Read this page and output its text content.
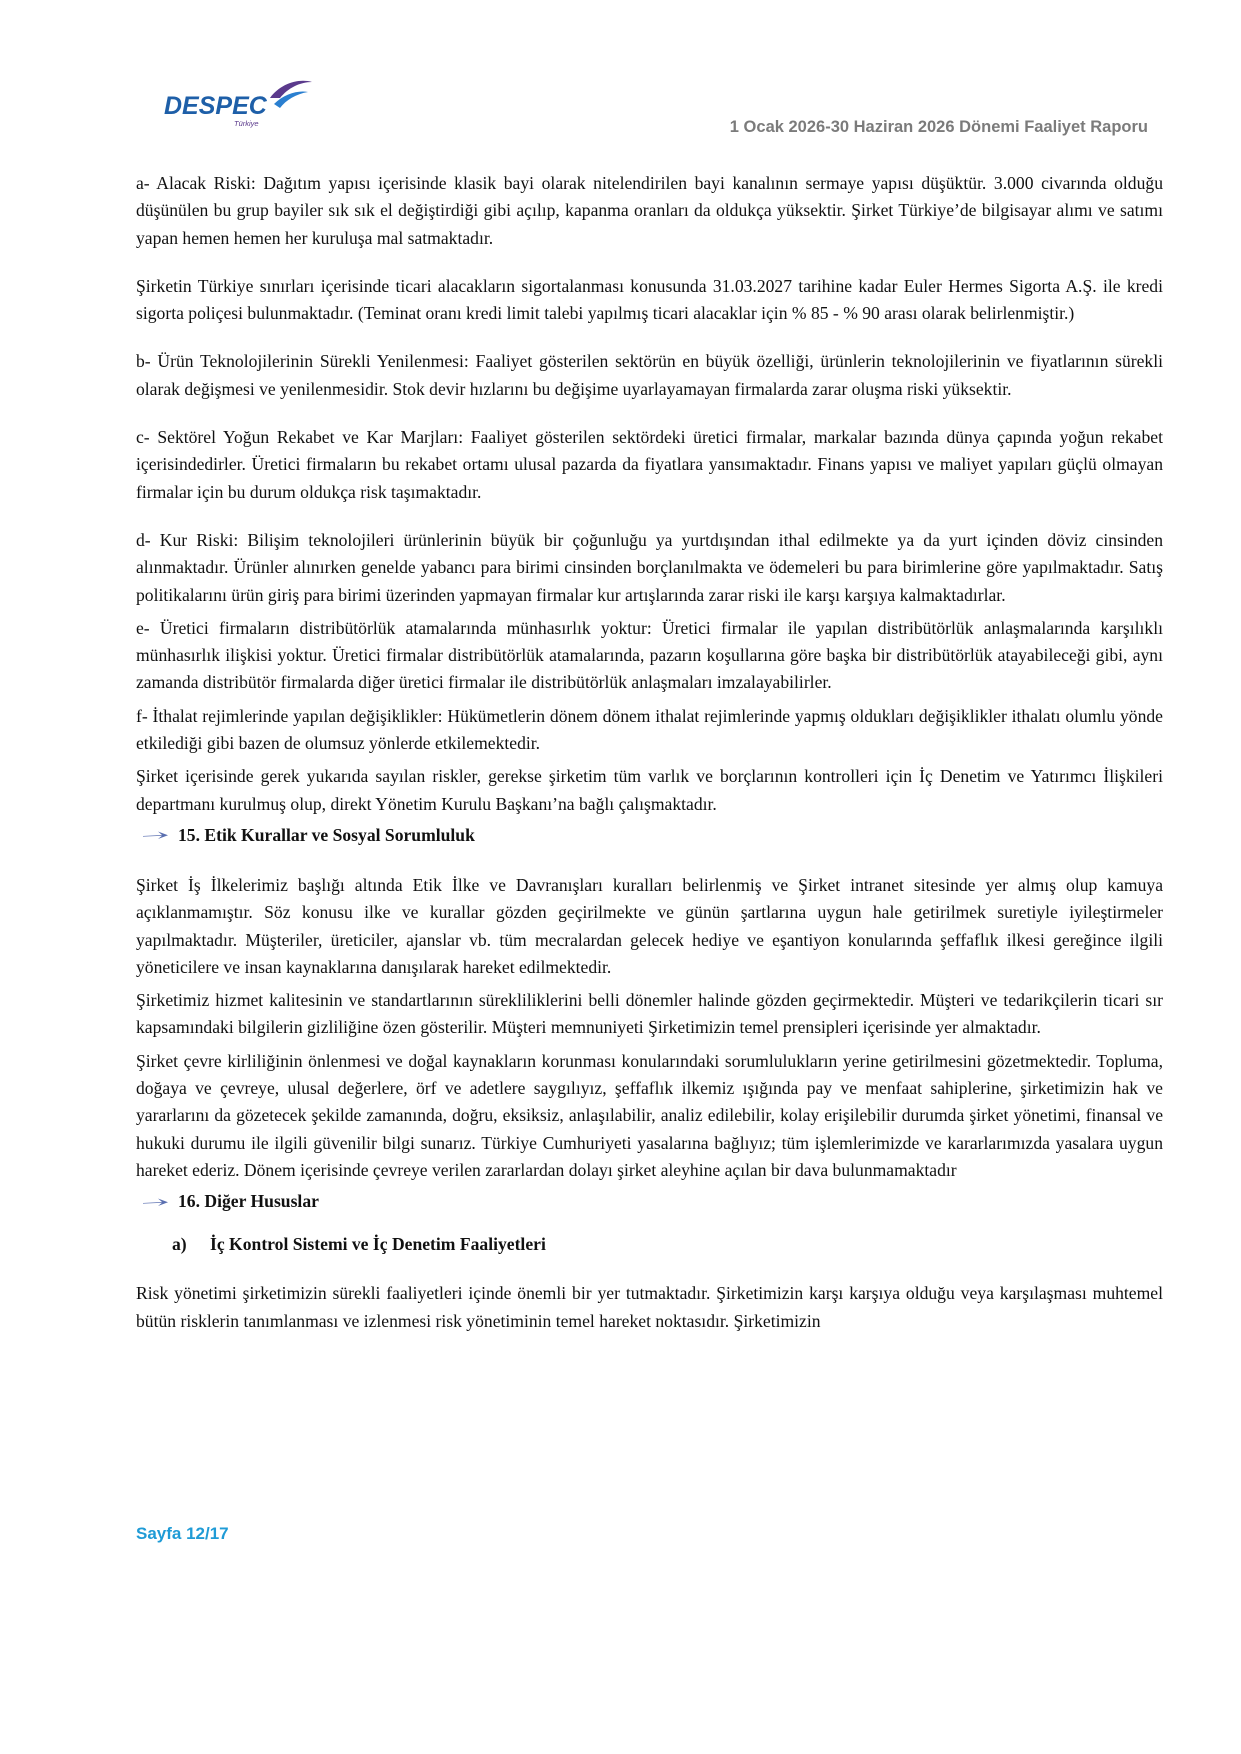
DESPEC
Türkiye	1 Ocak 2026-30 Haziran 2026 Dönemi Faaliyet Raporu

a- Alacak Riski: Dağıtım yapısı içerisinde klasik bayi olarak nitelendirilen bayi kanalının sermaye yapısı düşüktür. 3.000 civarında olduğu düşünülen bu grup bayiler sık sık el değiştirdiği gibi açılıp, kapanma oranları da oldukça yüksektir. Şirket Türkiye’de bilgisayar alımı ve satımı yapan hemen hemen her kuruluşa mal satmaktadır.

Şirketin Türkiye sınırları içerisinde ticari alacakların sigortalanması konusunda 31.03.2027 tarihine kadar Euler Hermes Sigorta A.Ş. ile kredi sigorta poliçesi bulunmaktadır. (Teminat oranı kredi limit talebi yapılmış ticari alacaklar için % 85 - % 90 arası olarak belirlenmiştir.)

b- Ürün Teknolojilerinin Sürekli Yenilenmesi: Faaliyet gösterilen sektörün en büyük özelliği, ürünlerin teknolojilerinin ve fiyatlarının sürekli olarak değişmesi ve yenilenmesidir. Stok devir hızlarını bu değişime uyarlayamayan firmalarda zarar oluşma riski yüksektir.

c- Sektörel Yoğun Rekabet ve Kar Marjları: Faaliyet gösterilen sektördeki üretici firmalar, markalar bazında dünya çapında yoğun rekabet içerisindedirler. Üretici firmaların bu rekabet ortamı ulusal pazarda da fiyatlara yansımaktadır. Finans yapısı ve maliyet yapıları güçlü olmayan firmalar için bu durum oldukça risk taşımaktadır.

d- Kur Riski: Bilişim teknolojileri ürünlerinin büyük bir çoğunluğu ya yurtdışından ithal edilmekte ya da yurt içinden döviz cinsinden alınmaktadır. Ürünler alınırken genelde yabancı para birimi cinsinden borçlanılmakta ve ödemeleri bu para birimlerine göre yapılmaktadır. Satış politikalarını ürün giriş para birimi üzerinden yapmayan firmalar kur artışlarında zarar riski ile karşı karşıya kalmaktadırlar.

e- Üretici firmaların distribütörlük atamalarında münhasırlık yoktur: Üretici firmalar ile yapılan distribütörlük anlaşmalarında karşılıklı münhasırlık ilişkisi yoktur. Üretici firmalar distribütörlük atamalarında, pazarın koşullarına göre başka bir distribütörlük atayabileceği gibi, aynı zamanda distribütör firmalarda diğer üretici firmalar ile distribütörlük anlaşmaları imzalayabilirler.

f- İthalat rejimlerinde yapılan değişiklikler: Hükümetlerin dönem dönem ithalat rejimlerinde yapmış oldukları değişiklikler ithalatı olumlu yönde etkilediği gibi bazen de olumsuz yönlerde etkilemektedir.

Şirket içerisinde gerek yukarıda sayılan riskler, gerekse şirketim tüm varlık ve borçlarının kontrolleri için İç Denetim ve Yatırımcı İlişkileri departmanı kurulmuş olup, direkt Yönetim Kurulu Başkanı’na bağlı çalışmaktadır.

15. Etik Kurallar ve Sosyal Sorumluluk

Şirket İş İlkelerimiz başlığı altında Etik İlke ve Davranışları kuralları belirlenmiş ve Şirket intranet sitesinde yer almış olup kamuya açıklanmamıştır. Söz konusu ilke ve kurallar gözden geçirilmekte ve günün şartlarına uygun hale getirilmek suretiyle iyileştirmeler yapılmaktadır. Müşteriler, üreticiler, ajanslar vb. tüm mecralardan gelecek hediye ve eşantiyon konularında şeffaflık ilkesi gereğince ilgili yöneticilere ve insan kaynaklarına danışılarak hareket edilmektedir.

Şirketimiz hizmet kalitesinin ve standartlarının sürekliliklerini belli dönemler halinde gözden geçirmektedir. Müşteri ve tedarikçilerin ticari sır kapsamındaki bilgilerin gizliliğine özen gösterilir. Müşteri memnuniyeti Şirketimizin temel prensipleri içerisinde yer almaktadır.

Şirket çevre kirliliğinin önlenmesi ve doğal kaynakların korunması konularındaki sorumlulukların yerine getirilmesini gözetmektedir. Topluma, doğaya ve çevreye, ulusal değerlere, örf ve adetlere saygılıyız, şeffaflık ilkemiz ışığında pay ve menfaat sahiplerine, şirketimizin hak ve yararlarını da gözetecek şekilde zamanında, doğru, eksiksiz, anlaşılabilir, analiz edilebilir, kolay erişilebilir durumda şirket yönetimi, finansal ve hukuki durumu ile ilgili güvenilir bilgi sunarız. Türkiye Cumhuriyeti yasalarına bağlıyız; tüm işlemlerimizde ve kararlarımızda yasalara uygun hareket ederiz. Dönem içerisinde çevreye verilen zararlardan dolayı şirket aleyhine açılan bir dava bulunmamaktadır

16. Diğer Hususlar
a)	İç Kontrol Sistemi ve İç Denetim Faaliyetleri

Risk yönetimi şirketimizin sürekli faaliyetleri içinde önemli bir yer tutmaktadır. Şirketimizin karşı karşıya olduğu veya karşılaşması muhtemel bütün risklerin tanımlanması ve izlenmesi risk yönetiminin temel hareket noktasıdır. Şirketimizin

Sayfa 12/17
